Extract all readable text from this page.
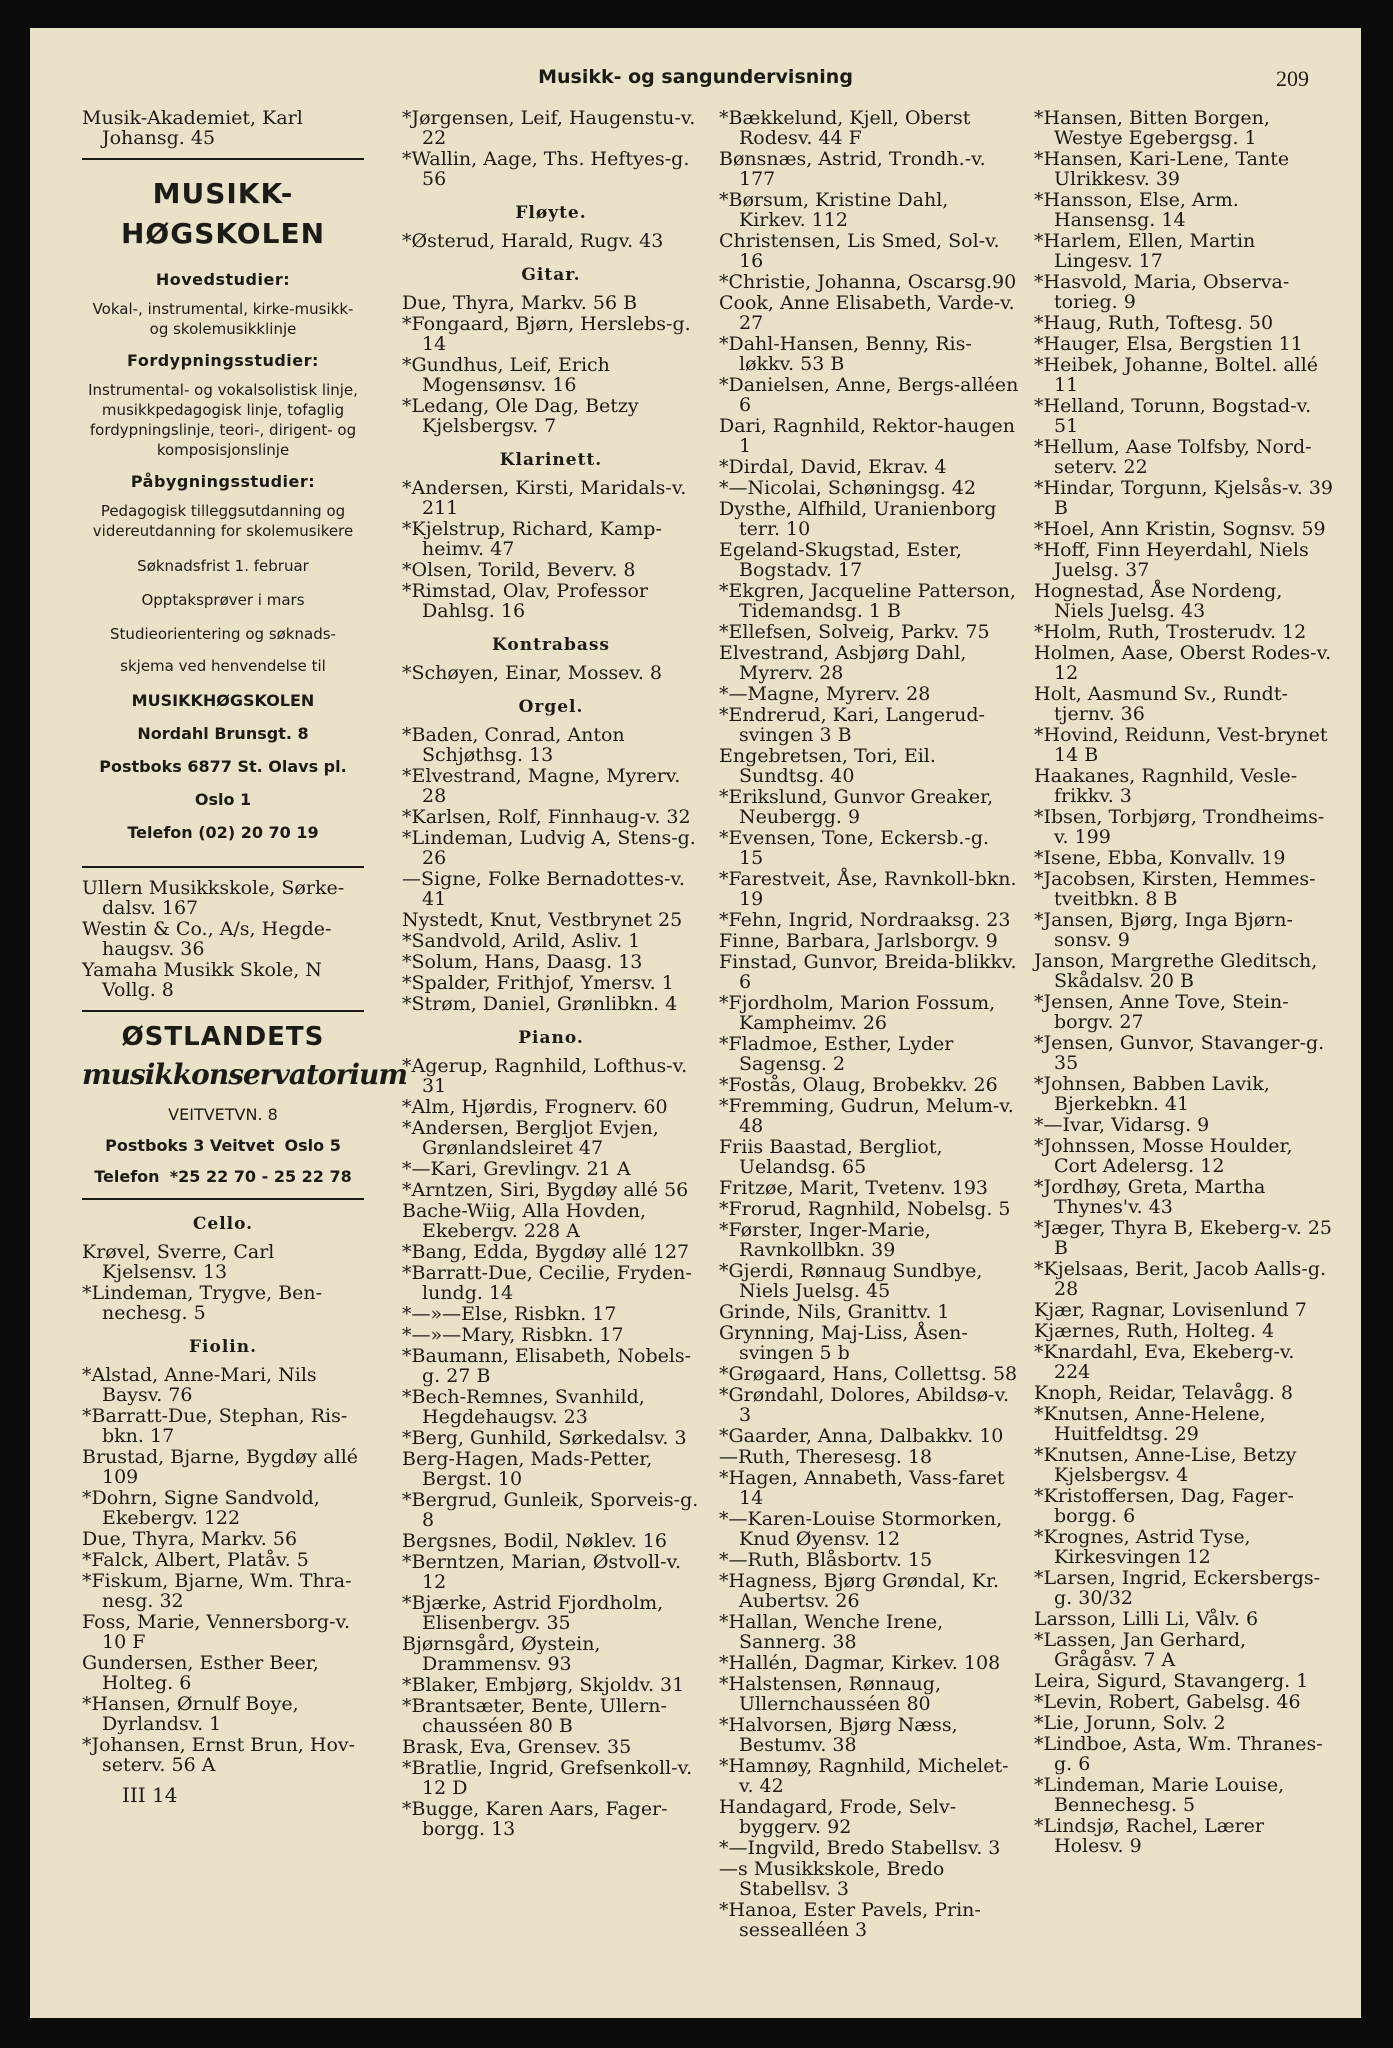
Musikk- og sangundervisning	209
Musik-Akademiet, Karl Johansg. 45
MUSIKK-
HØGSKOLEN
Hovedstudier:
Vokal-, instrumental, kirke-musikk- og skolemusikklinje
Fordypningsstudier:
Instrumental- og vokalsolistisk linje, musikkpedagogisk linje, tofaglig fordypningslinje, teori-, dirigent- og komposisjonslinje
Påbygningsstudier:
Pedagogisk tilleggsutdanning og videreutdanning for skolemusikere
Søknadsfrist 1. februar
Opptaksprøver i mars
Studieorientering og søknads-
skjema ved henvendelse til
MUSIKKHØGSKOLEN
Nordahl Brunsgt. 8
Postboks 6877 St. Olavs pl.
Oslo 1
Telefon (02) 20 70 19
Ullern Musikkskole, Sørke-dalsv. 167
Westin & Co., A/s, Hegde-haugsv. 36
Yamaha Musikk Skole, N Vollg. 8
ØSTLANDETS
musikkonservatorium
VEITVETVN. 8
Postboks 3 Veitvet Oslo 5
Telefon *25 22 70 - 25 22 78
Cello.
Krøvel, Sverre, Carl Kjelsensv. 13
*Lindeman, Trygve, Ben-nechesg. 5
Fiolin.
*Alstad, Anne-Mari, Nils Baysv. 76
*Barratt-Due, Stephan, Ris-bkn. 17
Brustad, Bjarne, Bygdøy allé 109
*Dohrn, Signe Sandvold, Ekebergv. 122
Due, Thyra, Markv. 56
*Falck, Albert, Platåv. 5
*Fiskum, Bjarne, Wm. Thra-nesg. 32
Foss, Marie, Vennersborg-v. 10 F
Gundersen, Esther Beer, Holteg. 6
*Hansen, Ørnulf Boye, Dyrlandsv. 1
*Johansen, Ernst Brun, Hov-seterv. 56 A
III 14
*Jørgensen, Leif, Haugenstu-v. 22
*Wallin, Aage, Ths. Heftyes-g. 56
Fløyte.
*Østerud, Harald, Rugv. 43
Gitar.
Due, Thyra, Markv. 56 B
*Fongaard, Bjørn, Herslebs-g. 14
*Gundhus, Leif, Erich Mogensønsv. 16
*Ledang, Ole Dag, Betzy Kjelsbergsv. 7
Klarinett.
*Andersen, Kirsti, Maridals-v. 211
*Kjelstrup, Richard, Kamp-heimv. 47
*Olsen, Torild, Beverv. 8
*Rimstad, Olav, Professor Dahlsg. 16
Kontrabass
*Schøyen, Einar, Mossev. 8
Orgel.
*Baden, Conrad, Anton Schjøthsg. 13
*Elvestrand, Magne, Myrerv. 28
*Karlsen, Rolf, Finnhaug-v. 32
*Lindeman, Ludvig A, Stens-g. 26
—Signe, Folke Bernadottes-v. 41
Nystedt, Knut, Vestbrynet 25
*Sandvold, Arild, Asliv. 1
*Solum, Hans, Daasg. 13
*Spalder, Frithjof, Ymersv. 1
*Strøm, Daniel, Grønlibkn. 4
Piano.
*Agerup, Ragnhild, Lofthus-v. 31
*Alm, Hjørdis, Frognerv. 60
*Andersen, Bergljot Evjen, Grønlandsleiret 47
*—Kari, Grevlingv. 21 A
*Arntzen, Siri, Bygdøy allé 56
Bache-Wiig, Alla Hovden, Ekebergv. 228 A
*Bang, Edda, Bygdøy allé 127
*Barratt-Due, Cecilie, Fryden-lundg. 14
*—»—Else, Risbkn. 17
*—»—Mary, Risbkn. 17
*Baumann, Elisabeth, Nobels-g. 27 B
*Bech-Remnes, Svanhild, Hegdehaugsv. 23
*Berg, Gunhild, Sørkedalsv. 3
Berg-Hagen, Mads-Petter, Bergst. 10
*Bergrud, Gunleik, Sporveis-g. 8
Bergsnes, Bodil, Nøklev. 16
*Berntzen, Marian, Østvoll-v. 12
*Bjærke, Astrid Fjordholm, Elisenbergv. 35
Bjørnsgård, Øystein, Drammensv. 93
*Blaker, Embjørg, Skjoldv. 31
*Brantsæter, Bente, Ullern-chausséen 80 B
Brask, Eva, Grensev. 35
*Bratlie, Ingrid, Grefsenkoll-v. 12 D
*Bugge, Karen Aars, Fager-borgg. 13
*Bækkelund, Kjell, Oberst Rodesv. 44 F
Bønsnæs, Astrid, Trondh.-v. 177
*Børsum, Kristine Dahl, Kirkev. 112
Christensen, Lis Smed, Sol-v. 16
*Christie, Johanna, Oscarsg.90
Cook, Anne Elisabeth, Varde-v. 27
*Dahl-Hansen, Benny, Ris-løkkv. 53 B
*Danielsen, Anne, Bergs-alléen 6
Dari, Ragnhild, Rektor-haugen 1
*Dirdal, David, Ekrav. 4
*—Nicolai, Schøningsg. 42
Dysthe, Alfhild, Uranienborg terr. 10
Egeland-Skugstad, Ester, Bogstadv. 17
*Ekgren, Jacqueline Patterson, Tidemandsg. 1 B
*Ellefsen, Solveig, Parkv. 75
Elvestrand, Asbjørg Dahl, Myrerv. 28
*—Magne, Myrerv. 28
*Endrerud, Kari, Langerud-svingen 3 B
Engebretsen, Tori, Eil. Sundtsg. 40
*Erikslund, Gunvor Greaker, Neubergg. 9
*Evensen, Tone, Eckersb.-g. 15
*Farestveit, Åse, Ravnkoll-bkn. 19
*Fehn, Ingrid, Nordraaksg. 23
Finne, Barbara, Jarlsborgv. 9
Finstad, Gunvor, Breida-blikkv. 6
*Fjordholm, Marion Fossum, Kampheimv. 26
*Fladmoe, Esther, Lyder Sagensg. 2
*Fostås, Olaug, Brobekkv. 26
*Fremming, Gudrun, Melum-v. 48
Friis Baastad, Bergliot, Uelandsg. 65
Fritzøe, Marit, Tvetenv. 193
*Frorud, Ragnhild, Nobelsg. 5
*Førster, Inger-Marie, Ravnkollbkn. 39
*Gjerdi, Rønnaug Sundbye, Niels Juelsg. 45
Grinde, Nils, Granittv. 1
Grynning, Maj-Liss, Åsen-svingen 5 b
*Grøgaard, Hans, Collettsg. 58
*Grøndahl, Dolores, Abildsø-v. 3
*Gaarder, Anna, Dalbakkv. 10
—Ruth, Theresesg. 18
*Hagen, Annabeth, Vass-faret 14
*—Karen-Louise Stormorken, Knud Øyensv. 12
*—Ruth, Blåsbortv. 15
*Hagness, Bjørg Grøndal, Kr. Aubertsv. 26
*Hallan, Wenche Irene, Sannerg. 38
*Hallén, Dagmar, Kirkev. 108
*Halstensen, Rønnaug, Ullernchausséen 80
*Halvorsen, Bjørg Næss, Bestumv. 38
*Hamnøy, Ragnhild, Michelet-v. 42
Handagard, Frode, Selv-byggerv. 92
*—Ingvild, Bredo Stabellsv. 3
—s Musikkskole, Bredo Stabellsv. 3
*Hanoa, Ester Pavels, Prin-sessealléen 3
*Hansen, Bitten Borgen, Westye Egebergsg. 1
*Hansen, Kari-Lene, Tante Ulrikkesv. 39
*Hansson, Else, Arm. Hansensg. 14
*Harlem, Ellen, Martin Lingesv. 17
*Hasvold, Maria, Observa-torieg. 9
*Haug, Ruth, Toftesg. 50
*Hauger, Elsa, Bergstien 11
*Heibek, Johanne, Boltel. allé 11
*Helland, Torunn, Bogstad-v. 51
*Hellum, Aase Tolfsby, Nord-seterv. 22
*Hindar, Torgunn, Kjelsås-v. 39 B
*Hoel, Ann Kristin, Sognsv. 59
*Hoff, Finn Heyerdahl, Niels Juelsg. 37
Hognestad, Åse Nordeng, Niels Juelsg. 43
*Holm, Ruth, Trosterudv. 12
Holmen, Aase, Oberst Rodes-v. 12
Holt, Aasmund Sv., Rundt-tjernv. 36
*Hovind, Reidunn, Vest-brynet 14 B
Haakanes, Ragnhild, Vesle-frikkv. 3
*Ibsen, Torbjørg, Trondheims-v. 199
*Isene, Ebba, Konvallv. 19
*Jacobsen, Kirsten, Hemmes-tveitbkn. 8 B
*Jansen, Bjørg, Inga Bjørn-sonsv. 9
Janson, Margrethe Gleditsch, Skådalsv. 20 B
*Jensen, Anne Tove, Stein-borgv. 27
*Jensen, Gunvor, Stavanger-g. 35
*Johnsen, Babben Lavik, Bjerkebkn. 41
*—Ivar, Vidarsg. 9
*Johnssen, Mosse Houlder, Cort Adelersg. 12
*Jordhøy, Greta, Martha Thynes'v. 43
*Jæger, Thyra B, Ekeberg-v. 25 B
*Kjelsaas, Berit, Jacob Aalls-g. 28
Kjær, Ragnar, Lovisenlund 7
Kjærnes, Ruth, Holteg. 4
*Knardahl, Eva, Ekeberg-v. 224
Knoph, Reidar, Telavågg. 8
*Knutsen, Anne-Helene, Huitfeldtsg. 29
*Knutsen, Anne-Lise, Betzy Kjelsbergsv. 4
*Kristoffersen, Dag, Fager-borgg. 6
*Krognes, Astrid Tyse, Kirkesvingen 12
*Larsen, Ingrid, Eckersbergs-g. 30/32
Larsson, Lilli Li, Vålv. 6
*Lassen, Jan Gerhard, Grågåsv. 7 A
Leira, Sigurd, Stavangerg. 1
*Levin, Robert, Gabelsg. 46
*Lie, Jorunn, Solv. 2
*Lindboe, Asta, Wm. Thranes-g. 6
*Lindeman, Marie Louise, Bennechesg. 5
*Lindsjø, Rachel, Lærer Holesv. 9
